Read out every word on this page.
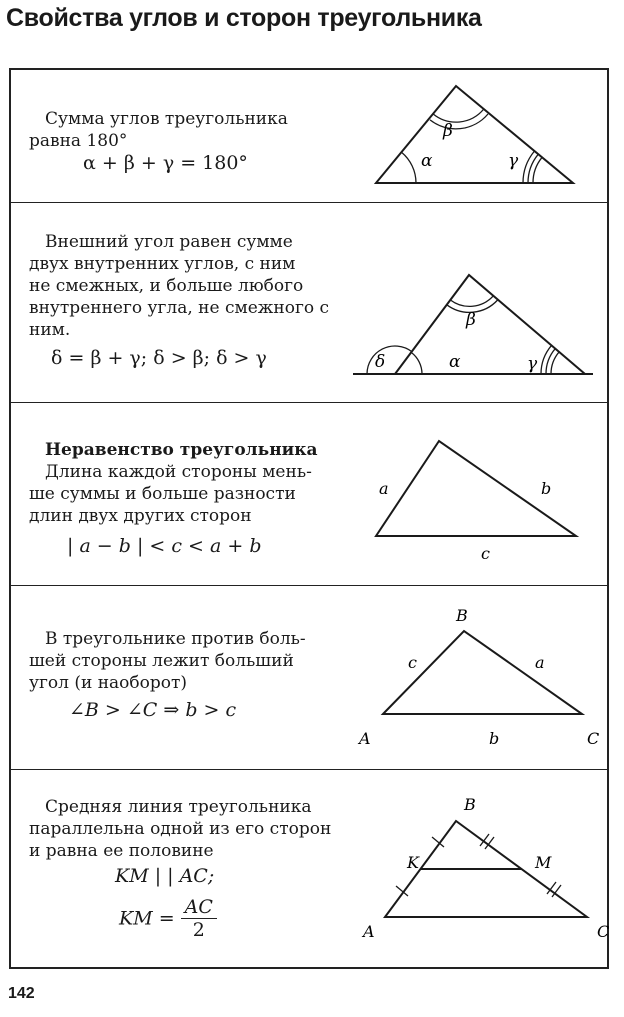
Свойства углов и сторон треугольника
Сумма углов треугольника
равна 180°
α + β + γ = 180°	α
β
γ
Внешний угол равен сумме
двух внутренних углов, с ним
не смежных, и больше любого
внутреннего угла, не смежного с
ним.
δ = β + γ; δ > β; δ > γ	δ	α
β
γ
Неравенство треугольника
Длина каждой стороны мень-
ше суммы и больше разности
длин двух других сторон
| a − b | < c < a + b
a	b
c
В треугольнике против боль-
шей стороны лежит больший
угол (и наоборот)
∠B > ∠C ⇒ b > c
B
A	C
c	a
b
Средняя линия треугольника
параллельна одной из его сторон
и равна ее половине
KM | | AC;
KM = $\frac{AC}{2}$
B
K	M
A	C
142
